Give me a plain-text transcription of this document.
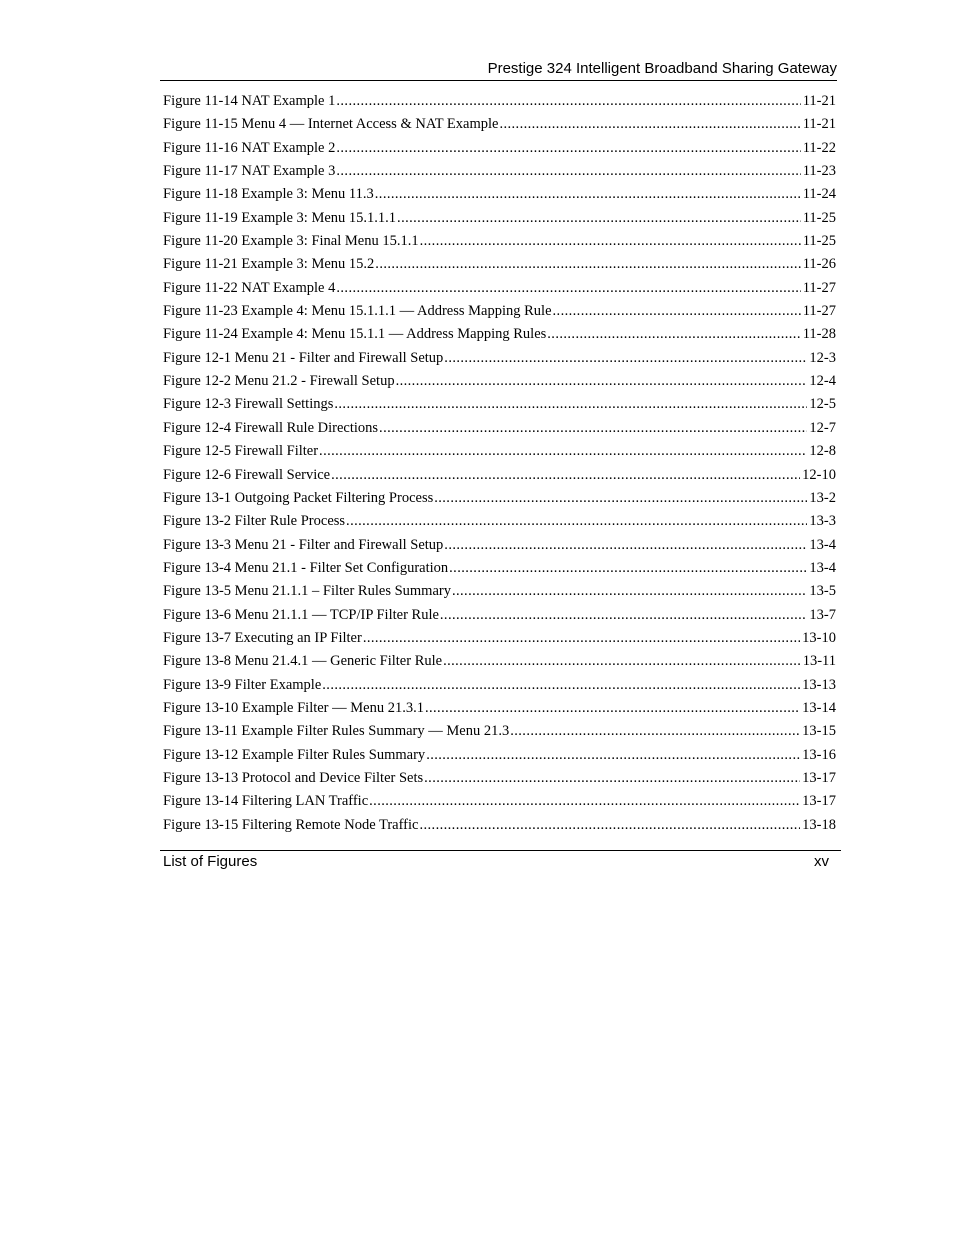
Prestige 324 Intelligent Broadband Sharing Gateway
Figure 11-14 NAT Example 1 .....	11-21
Figure 11-15 Menu 4 — Internet Access & NAT Example .....	11-21
Figure 11-16 NAT Example 2 .....	11-22
Figure 11-17 NAT Example 3 .....	11-23
Figure 11-18 Example 3: Menu 11.3 .....	11-24
Figure 11-19 Example 3: Menu 15.1.1.1 .....	11-25
Figure 11-20 Example 3: Final Menu 15.1.1 .....	11-25
Figure 11-21 Example 3: Menu 15.2 .....	11-26
Figure 11-22 NAT Example 4 .....	11-27
Figure 11-23 Example 4: Menu 15.1.1.1 — Address Mapping Rule .....	11-27
Figure 11-24 Example 4: Menu 15.1.1 — Address Mapping Rules .....	11-28
Figure 12-1 Menu 21 - Filter and Firewall Setup .....	12-3
Figure 12-2 Menu 21.2 - Firewall Setup .....	12-4
Figure 12-3 Firewall Settings .....	12-5
Figure 12-4 Firewall Rule Directions .....	12-7
Figure 12-5 Firewall Filter .....	12-8
Figure 12-6 Firewall Service .....	12-10
Figure 13-1 Outgoing Packet Filtering Process .....	13-2
Figure 13-2 Filter Rule Process .....	13-3
Figure 13-3 Menu 21 - Filter and Firewall Setup .....	13-4
Figure 13-4 Menu 21.1 - Filter Set Configuration .....	13-4
Figure 13-5 Menu 21.1.1 – Filter Rules Summary .....	13-5
Figure 13-6 Menu 21.1.1 — TCP/IP Filter Rule .....	13-7
Figure 13-7 Executing an IP Filter .....	13-10
Figure 13-8 Menu 21.4.1 — Generic Filter Rule .....	13-11
Figure 13-9 Filter Example .....	13-13
Figure 13-10 Example Filter — Menu 21.3.1 .....	13-14
Figure 13-11 Example Filter Rules Summary — Menu 21.3 .....	13-15
Figure 13-12 Example Filter Rules Summary .....	13-16
Figure 13-13 Protocol and Device Filter Sets .....	13-17
Figure 13-14 Filtering LAN Traffic .....	13-17
Figure 13-15 Filtering Remote Node Traffic .....	13-18
List of Figures	xv
